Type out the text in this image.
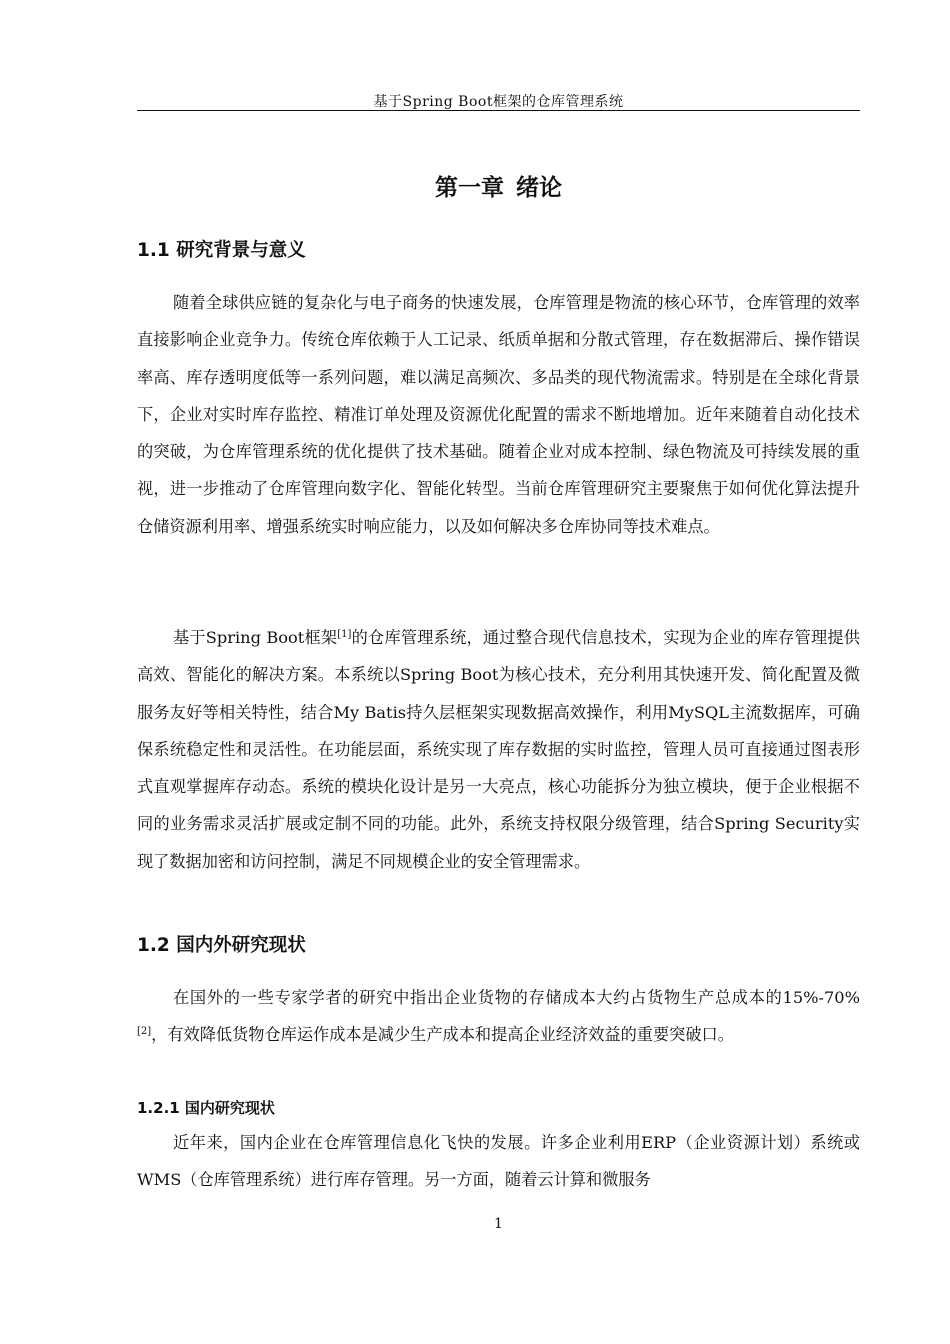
基于Spring Boot框架的仓库管理系统
第一章 绪论
1.1 研究背景与意义

随着全球供应链的复杂化与电子商务的快速发展，仓库管理是物流的核心环节，仓库管理的效率直接影响企业竞争力。传统仓库依赖于人工记录、纸质单据和分散式管理，存在数据滞后、操作错误率高、库存透明度低等一系列问题，难以满足高频次、多品类的现代物流需求。特别是在全球化背景下，企业对实时库存监控、精准订单处理及资源优化配置的需求不断地增加。近年来随着自动化技术的突破，为仓库管理系统的优化提供了技术基础。随着企业对成本控制、绿色物流及可持续发展的重视，进一步推动了仓库管理向数字化、智能化转型。当前仓库管理研究主要聚焦于如何优化算法提升仓储资源利用率、增强系统实时响应能力，以及如何解决多仓库协同等技术难点。

基于Spring Boot框架[1]的仓库管理系统，通过整合现代信息技术，实现为企业的库存管理提供高效、智能化的解决方案。本系统以Spring Boot为核心技术，充分利用其快速开发、简化配置及微服务友好等相关特性，结合My Batis持久层框架实现数据高效操作，利用MySQL主流数据库，可确保系统稳定性和灵活性。在功能层面，系统实现了库存数据的实时监控，管理人员可直接通过图表形式直观掌握库存动态。系统的模块化设计是另一大亮点，核心功能拆分为独立模块，便于企业根据不同的业务需求灵活扩展或定制不同的功能。此外，系统支持权限分级管理，结合Spring Security实现了数据加密和访问控制，满足不同规模企业的安全管理需求。

1.2 国内外研究现状

在国外的一些专家学者的研究中指出企业货物的存储成本大约占货物生产总成本的15%-70%[2]，有效降低货物仓库运作成本是减少生产成本和提高企业经济效益的重要突破口。

1.2.1 国内研究现状

近年来，国内企业在仓库管理信息化飞快的发展。许多企业利用ERP（企业资源计划）系统或WMS（仓库管理系统）进行库存管理。另一方面，随着云计算和微服务

1
